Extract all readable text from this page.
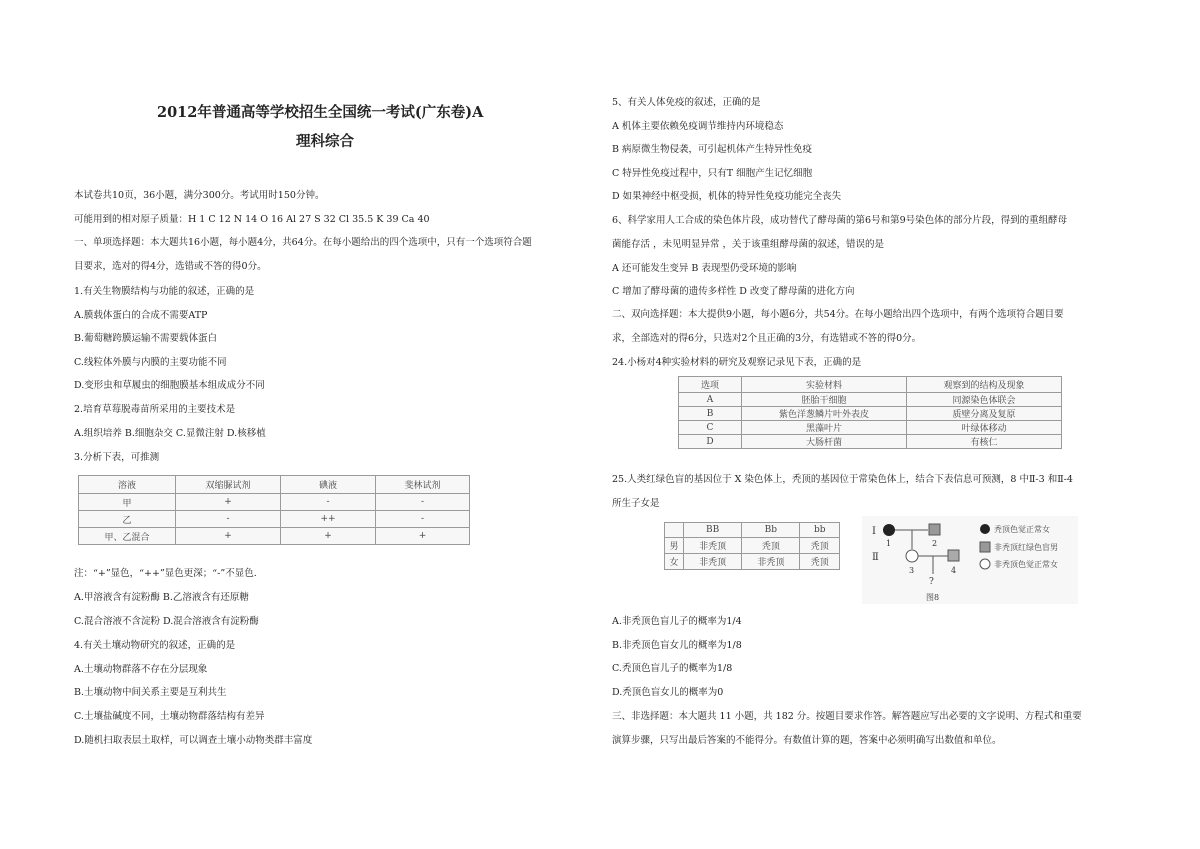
2012年普通高等学校招生全国统一考试(广东卷)A
理科综合
本试卷共10页，36小题，满分300分。考试用时150分钟。
可能用到的相对原子质量：H 1 C 12 N 14 O 16 Al 27 S 32 Cl 35.5 K 39 Ca 40
一、单项选择题：本大题共16小题，每小题4分，共64分。在每小题给出的四个选项中，只有一个选项符合题
目要求，选对的得4分，选错或不答的得0分。
1.有关生物膜结构与功能的叙述，正确的是
A.膜载体蛋白的合成不需要ATP
B.葡萄糖跨膜运输不需要载体蛋白
C.线粒体外膜与内膜的主要功能不同
D.变形虫和草履虫的细胞膜基本组成成分不同
2.培育草莓脱毒苗所采用的主要技术是
A.组织培养 B.细胞杂交 C.显微注射 D.核移植
3.分析下表，可推测
溶液	双缩脲试剂	碘液	斐林试剂
甲	+	-	-
乙	-	++	-
甲、乙混合	+	+	+
注：“+”显色，“++”显色更深；“-”不显色.
A.甲溶液含有淀粉酶 B.乙溶液含有还原糖
C.混合溶液不含淀粉 D.混合溶液含有淀粉酶
4.有关土壤动物研究的叙述，正确的是
A.土壤动物群落不存在分层现象
B.土壤动物中间关系主要是互利共生
C.土壤盐碱度不同，土壤动物群落结构有差异
D.随机扫取表层土取样，可以调查土壤小动物类群丰富度
5、有关人体免疫的叙述，正确的是
A 机体主要依赖免疫调节维持内环境稳态
B 病原微生物侵袭，可引起机体产生特异性免疫
C 特异性免疫过程中，只有T 细胞产生记忆细胞
D 如果神经中枢受损，机体的特异性免疫功能完全丧失
6、科学家用人工合成的染色体片段，成功替代了酵母菌的第6号和第9号染色体的部分片段，得到的重组酵母
菌能存活 ，未见明显异常 ，关于该重组酵母菌的叙述，错误的是
A 还可能发生变异 B 表现型仍受环境的影响
C 增加了酵母菌的遗传多样性 D 改变了酵母菌的进化方向
二、双向选择题：本大提供9小题，每小题6分，共54分。在每小题给出四个选项中，有两个选项符合题目要
求，全部选对的得6分，只选对2个且正确的3分，有选错或不答的得0分。
24.小杨对4种实验材料的研究及观察记录见下表，正确的是
选项	实验材料	观察到的结构及现象
A	胚胎干细胞	同源染色体联会
B	紫色洋葱鳞片叶外表皮	质壁分离及复原
C	黑藻叶片	叶绿体移动
D	大肠杆菌	有核仁
25.人类红绿色盲的基因位于 X 染色体上，秃顶的基因位于常染色体上，结合下表信息可预测，8 中Ⅱ-3 和Ⅱ-4
所生子女是
	BB	Bb	bb
男	非秃顶	秃顶	秃顶
女	非秃顶	非秃顶	秃顶
Ⅰ
Ⅱ
1	2
3	4
?
图8
秃顶色觉正常女
非秃顶红绿色盲男
非秃顶色觉正常女
A.非秃顶色盲儿子的概率为1/4
B.非秃顶色盲女儿的概率为1/8
C.秃顶色盲儿子的概率为1/8
D.秃顶色盲女儿的概率为0
三、非选择题：本大题共 11 小题，共 182 分。按题目要求作答。解答题应写出必要的文字说明、方程式和重要
演算步骤，只写出最后答案的不能得分。有数值计算的题，答案中必须明确写出数值和单位。
